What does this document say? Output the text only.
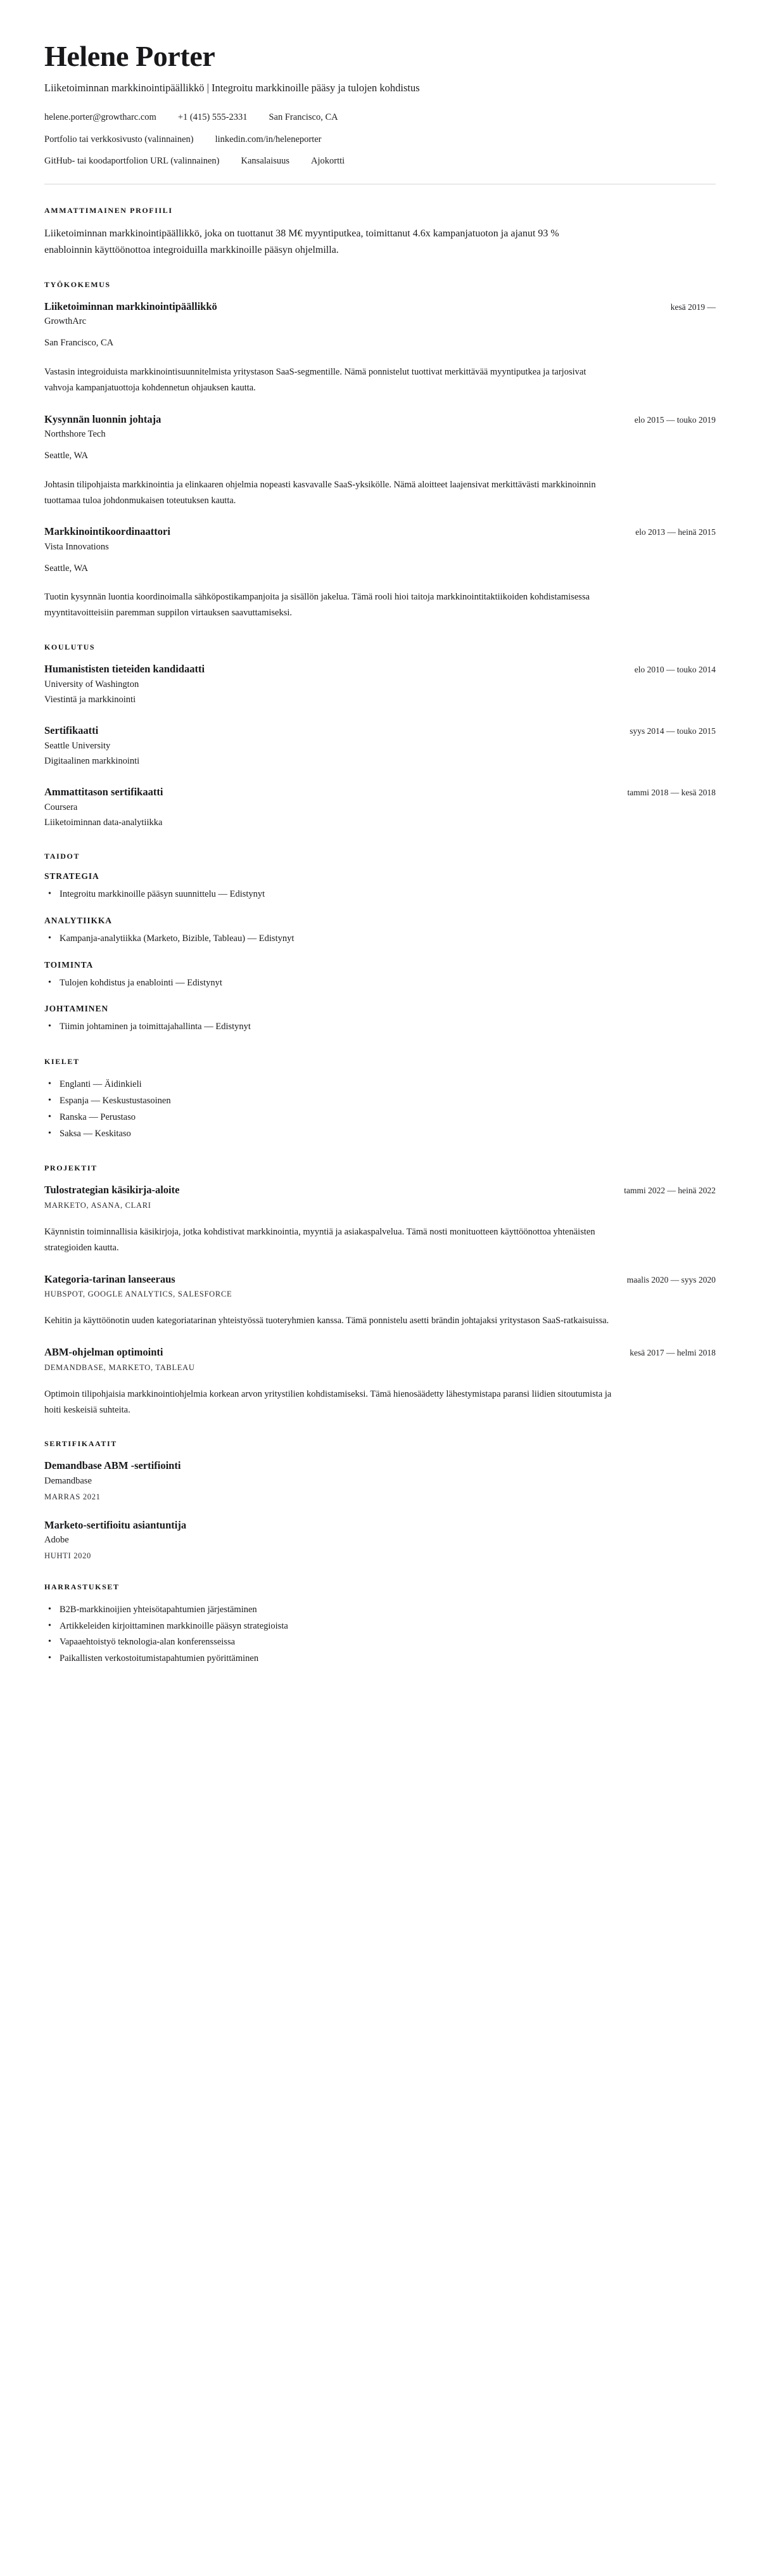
Helene Porter

Liiketoiminnan markkinointipäällikkö | Integroitu markkinoille pääsy ja tulojen kohdistus

helene.porter@growtharc.com +1 (415) 555-2331 San Francisco, CA
Portfolio tai verkkosivusto (valinnainen) linkedin.com/in/heleneporter
GitHub- tai koodaportfolion URL (valinnainen) Kansalaisuus Ajokortti
AMMATTIMAINEN PROFIILI

Liiketoiminnan markkinointipäällikkö, joka on tuottanut 38 M€ myyntiputkea, toimittanut 4.6x kampanjatuoton ja ajanut 93 % enabloinnin käyttöönottoa integroiduilla markkinoille pääsyn ohjelmilla.

TYÖKOKEMUS
Liiketoiminnan markkinointipäällikkö	kesä 2019 —

GrowthArc

San Francisco, CA

Vastasin integroiduista markkinointisuunnitelmista yritystason SaaS-segmentille. Nämä ponnistelut tuottivat merkittävää myyntiputkea ja tarjosivat vahvoja kampanjatuottoja kohdennetun ohjauksen kautta.

Kysynnän luonnin johtaja	elo 2015 — touko 2019

Northshore Tech

Seattle, WA

Johtasin tilipohjaista markkinointia ja elinkaaren ohjelmia nopeasti kasvavalle SaaS-yksikölle. Nämä aloitteet laajensivat merkittävästi markkinoinnin tuottamaa tuloa johdonmukaisen toteutuksen kautta.

Markkinointikoordinaattori	elo 2013 — heinä 2015

Vista Innovations

Seattle, WA

Tuotin kysynnän luontia koordinoimalla sähköpostikampanjoita ja sisällön jakelua. Tämä rooli hioi taitoja markkinointitaktiikoiden kohdistamisessa myyntitavoitteisiin paremman suppilon virtauksen saavuttamiseksi.

KOULUTUS
Humanististen tieteiden kandidaatti	elo 2010 — touko 2014

University of Washington

Viestintä ja markkinointi

Sertifikaatti	syys 2014 — touko 2015

Seattle University

Digitaalinen markkinointi

Ammattitason sertifikaatti	tammi 2018 — kesä 2018

Coursera

Liiketoiminnan data-analytiikka

TAIDOT
STRATEGIA
• Integroitu markkinoille pääsyn suunnittelu — Edistynyt
ANALYTIIKKA
• Kampanja-analytiikka (Marketo, Bizible, Tableau) — Edistynyt
TOIMINTA
• Tulojen kohdistus ja enablointi — Edistynyt
JOHTAMINEN
• Tiimin johtaminen ja toimittajahallinta — Edistynyt
KIELET
• Englanti — Äidinkieli
• Espanja — Keskustustasoinen
• Ranska — Perustaso
• Saksa — Keskitaso
PROJEKTIT
Tulostrategian käsikirja-aloite	tammi 2022 — heinä 2022

MARKETO, ASANA, CLARI

Käynnistin toiminnallisia käsikirjoja, jotka kohdistivat markkinointia, myyntiä ja asiakaspalvelua. Tämä nosti monituotteen käyttöönottoa yhtenäisten strategioiden kautta.

Kategoria-tarinan lanseeraus	maalis 2020 — syys 2020

HUBSPOT, GOOGLE ANALYTICS, SALESFORCE

Kehitin ja käyttöönotin uuden kategoriatarinan yhteistyössä tuoteryhmien kanssa. Tämä ponnistelu asetti brändin johtajaksi yritystason SaaS-ratkaisuissa.

ABM-ohjelman optimointi	kesä 2017 — helmi 2018

DEMANDBASE, MARKETO, TABLEAU

Optimoin tilipohjaisia markkinointiohjelmia korkean arvon yritystilien kohdistamiseksi. Tämä hienosäädetty lähestymistapa paransi liidien sitoutumista ja hoiti keskeisiä suhteita.

SERTIFIKAATIT
Demandbase ABM -sertifiointi

Demandbase

MARRAS 2021

Marketo-sertifioitu asiantuntija

Adobe

HUHTI 2020

HARRASTUKSET
• B2B-markkinoijien yhteisötapahtumien järjestäminen
• Artikkeleiden kirjoittaminen markkinoille pääsyn strategioista
• Vapaaehtoistyö teknologia-alan konferensseissa
• Paikallisten verkostoitumistapahtumien pyörittäminen
